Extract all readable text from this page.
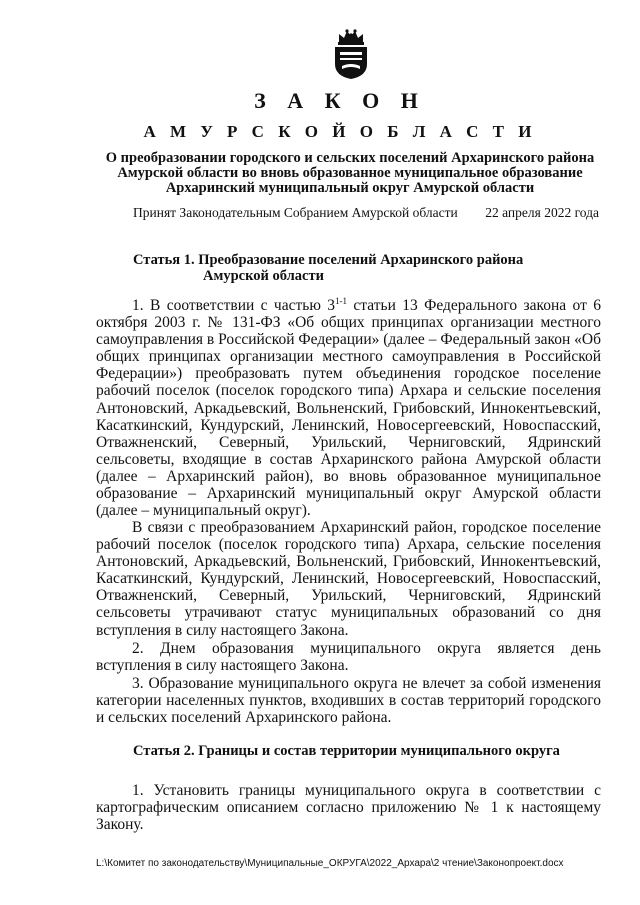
З А К О Н
А М У Р С К О Й О Б Л А С Т И
О преобразовании городского и сельских поселений Архаринского района Амурской области во вновь образованное муниципальное образование Архаринский муниципальный округ Амурской области
Принят Законодательным Собранием Амурской области 22 апреля 2022 года
Статья 1. Преобразование поселений Архаринского района
Амурской области

1. В соответствии с частью 3$^{1-1}$ статьи 13 Федерального закона от 6 октября 2003 г. № 131-ФЗ «Об общих принципах организации местного самоуправления в Российской Федерации» (далее – Федеральный закон «Об общих принципах организации местного самоуправления в Российской Федерации») преобразовать путем объединения городское поселение рабочий поселок (поселок городского типа) Архара и сельские поселения Антоновский, Аркадьевский, Вольненский, Грибовский, Иннокентьевский, Касаткинский, Кундурский, Ленинский, Новосергеевский, Новоспасский, Отважненский, Северный, Урильский, Черниговский, Ядринский сельсоветы, входящие в состав Архаринского района Амурской области (далее – Архаринский район), во вновь образованное муниципальное образование – Архаринский муниципальный округ Амурской области (далее – муниципальный округ).

В связи с преобразованием Архаринский район, городское поселение рабочий поселок (поселок городского типа) Архара, сельские поселения Антоновский, Аркадьевский, Вольненский, Грибовский, Иннокентьевский, Касаткинский, Кундурский, Ленинский, Новосергеевский, Новоспасский, Отважненский, Северный, Урильский, Черниговский, Ядринский сельсоветы утрачивают статус муниципальных образований со дня вступления в силу настоящего Закона.

2. Днем образования муниципального округа является день вступления в силу настоящего Закона.

3. Образование муниципального округа не влечет за собой изменения категории населенных пунктов, входивших в состав территорий городского и сельских поселений Архаринского района.

Статья 2. Границы и состав территории муниципального округа

1. Установить границы муниципального округа в соответствии с картографическим описанием согласно приложению № 1 к настоящему Закону.

L:\Комитет по законодательству\Муниципальные_ОКРУГА\2022_Архара\2 чтение\Законопроект.docx
